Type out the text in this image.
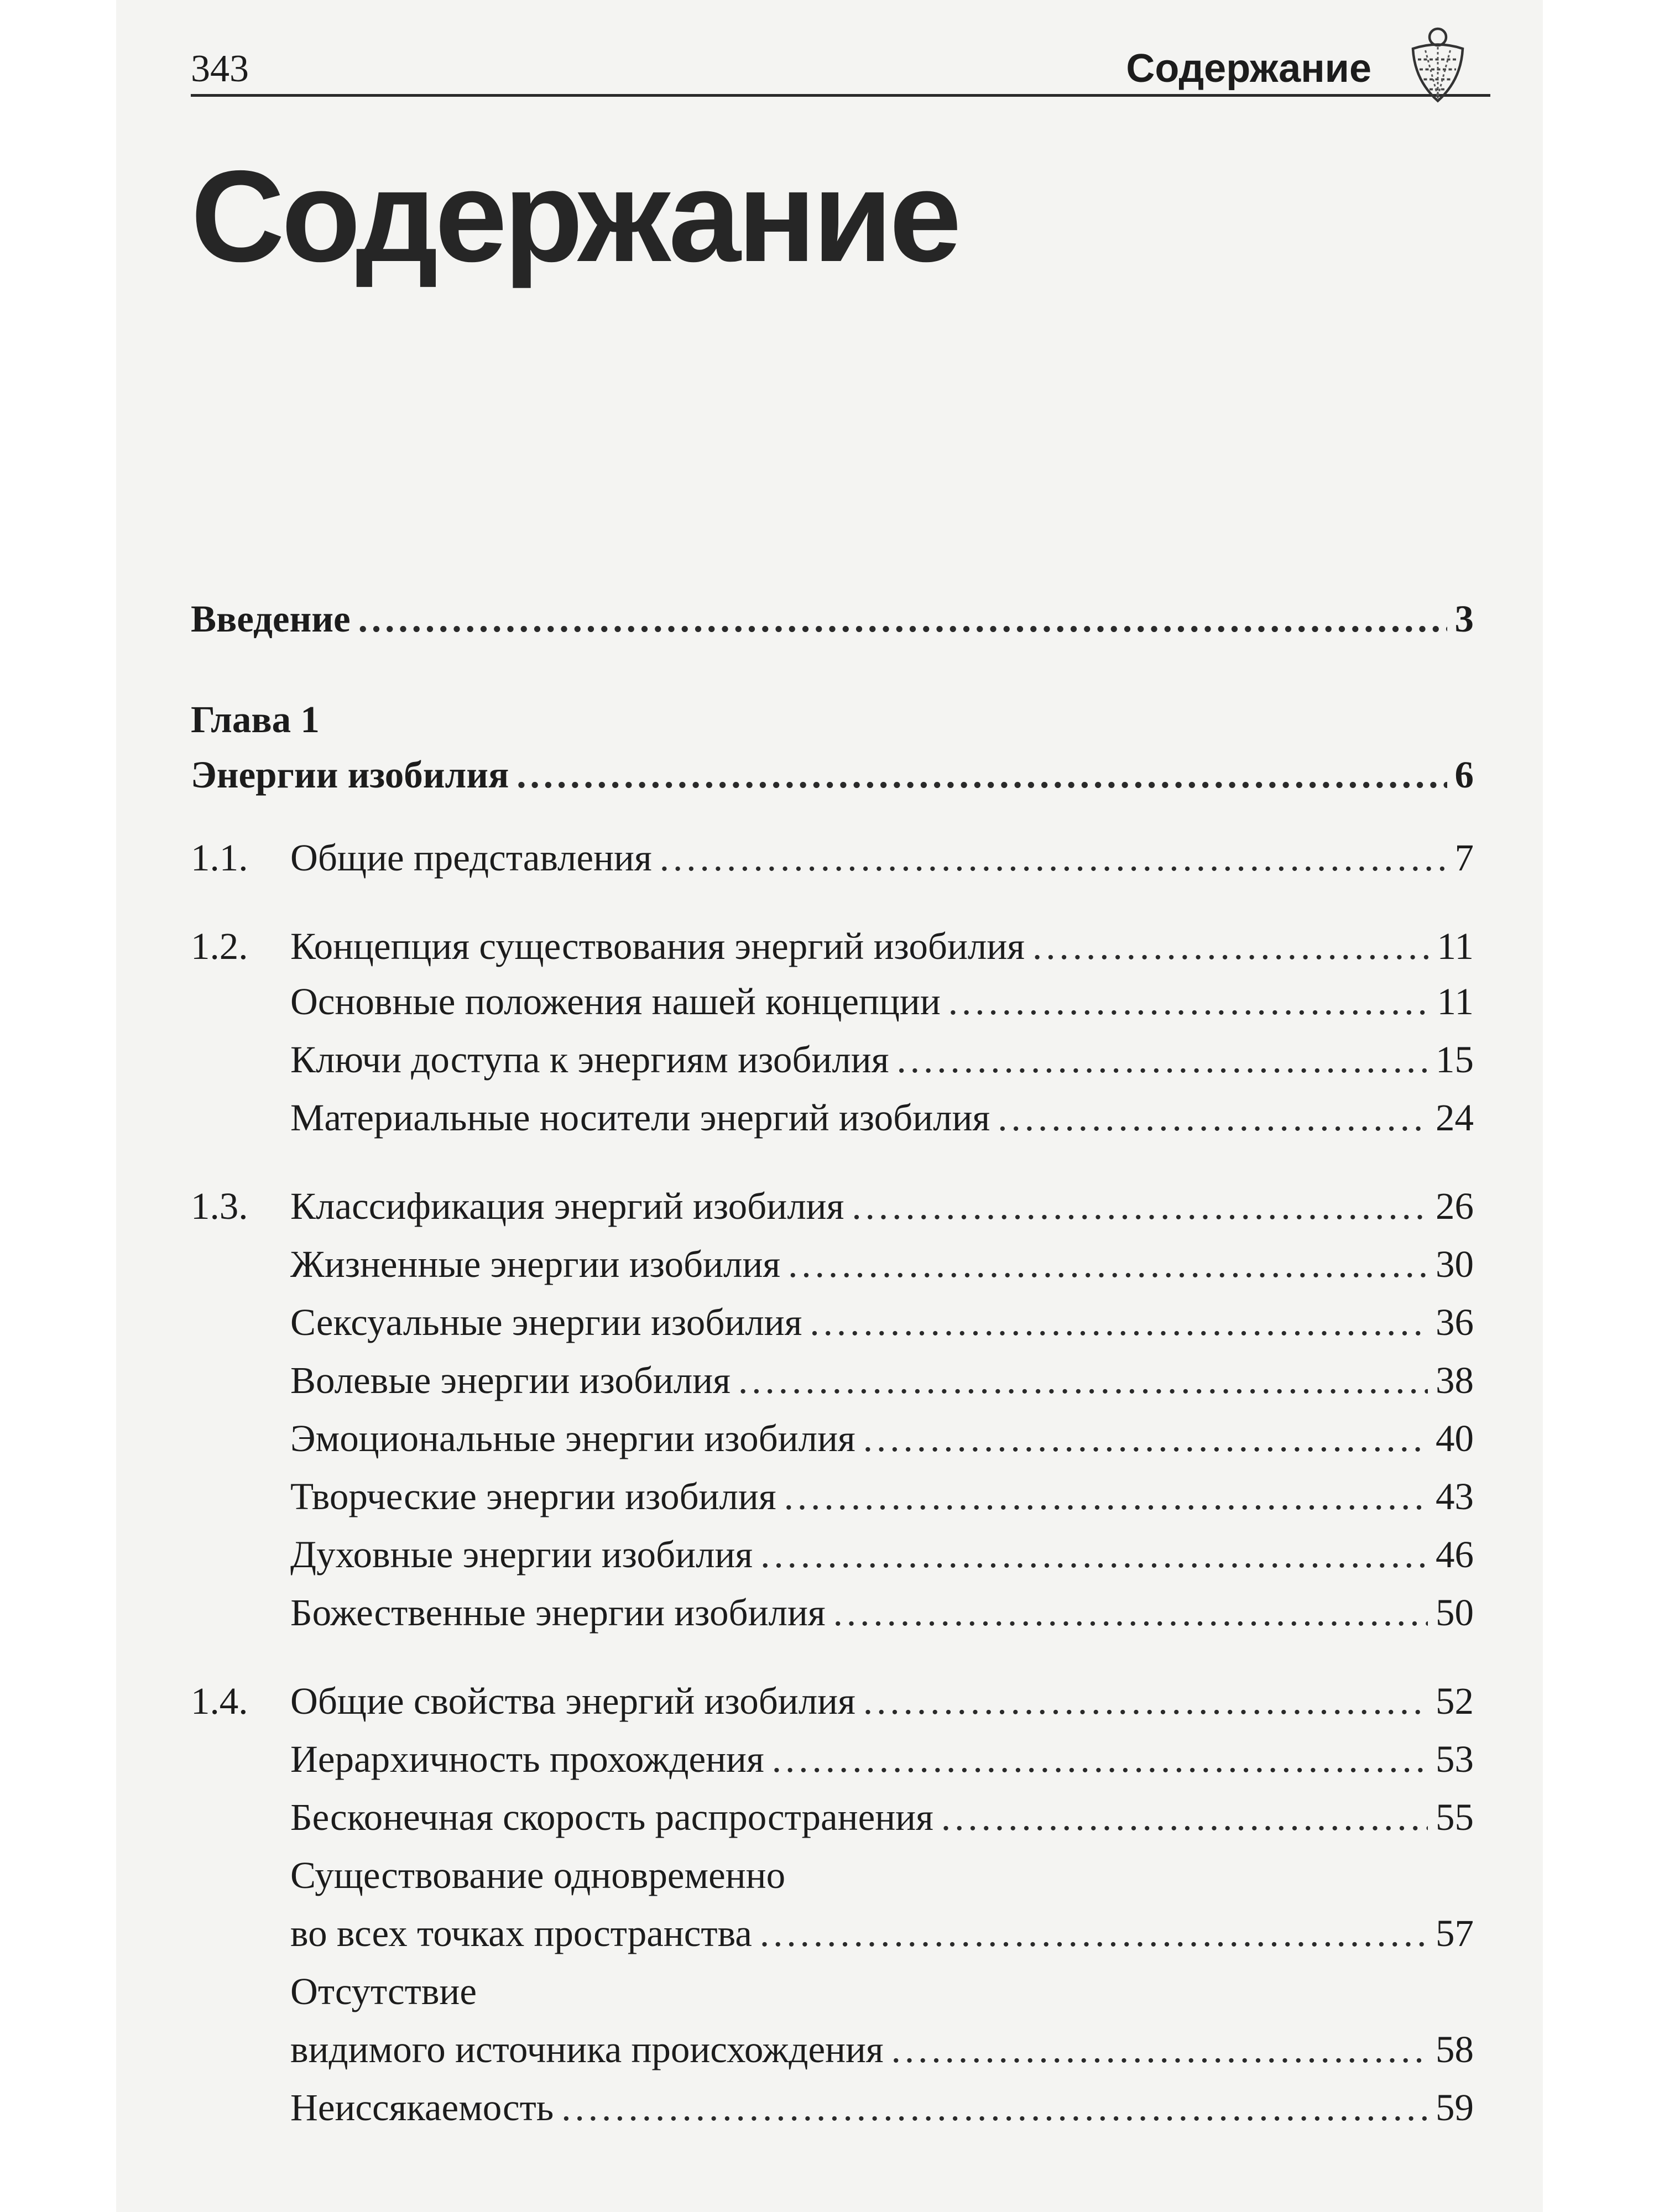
343	Содержание
Содержание
Введение .....	3
Глава 1
Энергии изобилия .....	6
1.1.	Общие представления .....	7
1.2.	Концепция существования энергий изобилия .....	11
Основные положения нашей концепции .....	11
Ключи доступа к энергиям изобилия .....	15
Материальные носители энергий изобилия .....	24
1.3.	Классификация энергий изобилия .....	26
Жизненные энергии изобилия .....	30
Сексуальные энергии изобилия .....	36
Волевые энергии изобилия .....	38
Эмоциональные энергии изобилия .....	40
Творческие энергии изобилия .....	43
Духовные энергии изобилия .....	46
Божественные энергии изобилия .....	50
1.4.	Общие свойства энергий изобилия .....	52
Иерархичность прохождения .....	53
Бесконечная скорость распространения .....	55
Существование одновременно
во всех точках пространства .....	57
Отсутствие
видимого источника происхождения .....	58
Неиссякаемость .....	59
